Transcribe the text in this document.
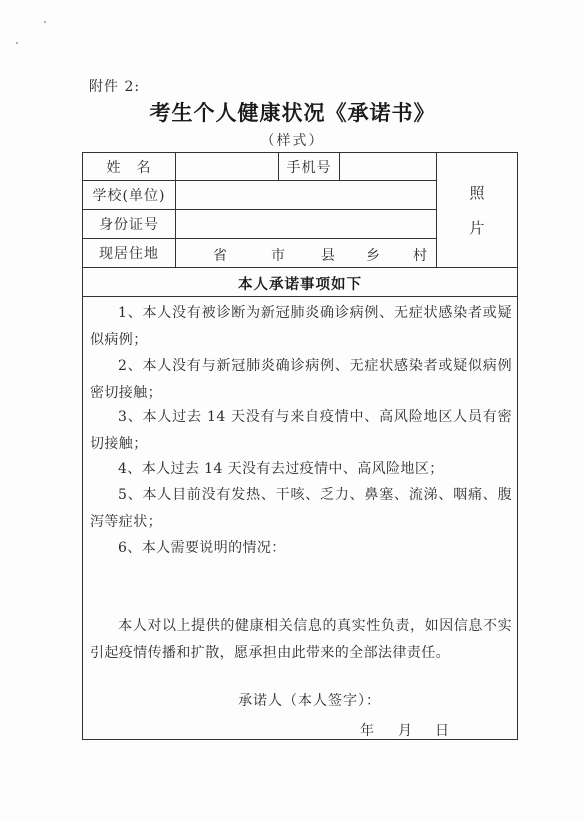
附件 2:
考生个人健康状况《承诺书》
（样式）
姓　名	手机号
学校(单位)
身份证号
现居住地	省	市	县 乡 村
照
片
本人承诺事项如下
1、本人没有被诊断为新冠肺炎确诊病例、无症状感染者或疑似病例；
2、本人没有与新冠肺炎确诊病例、无症状感染者或疑似病例密切接触；
3、本人过去 14 天没有与来自疫情中、高风险地区人员有密切接触；
4、本人过去 14 天没有去过疫情中、高风险地区；
5、本人目前没有发热、干咳、乏力、鼻塞、流涕、咽痛、腹泻等症状；
6、本人需要说明的情况：
本人对以上提供的健康相关信息的真实性负责，如因信息不实引起疫情传播和扩散，愿承担由此带来的全部法律责任。
承诺人（本人签字）：
年 月 日
